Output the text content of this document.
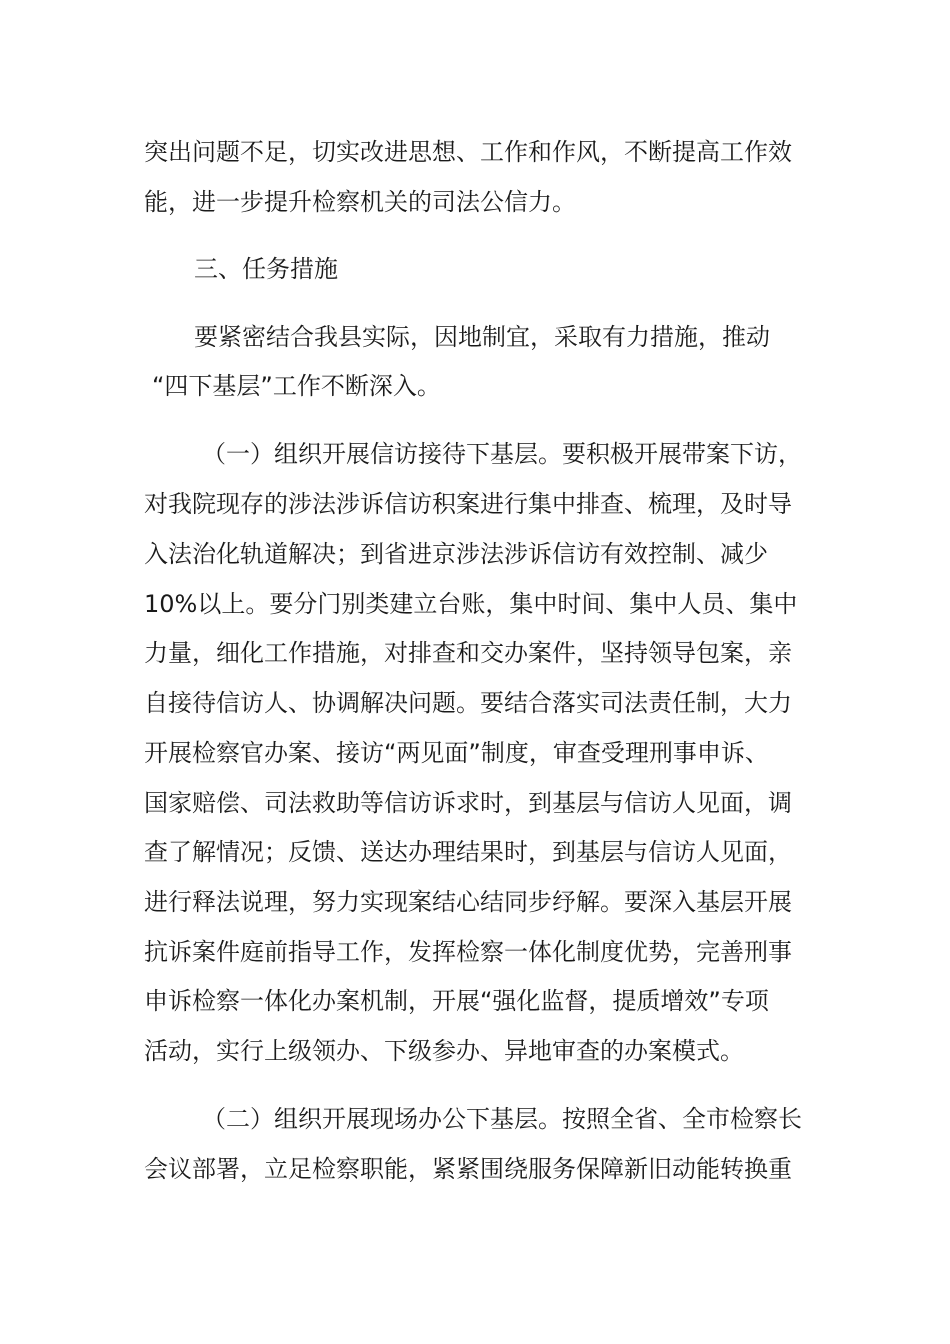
突出问题不足，切实改进思想、工作和作风，不断提高工作效
能，进一步提升检察机关的司法公信力。
三、任务措施
要紧密结合我县实际，因地制宜，采取有力措施，推动
“四下基层”工作不断深入。
（一）组织开展信访接待下基层。要积极开展带案下访，
对我院现存的涉法涉诉信访积案进行集中排查、梳理，及时导
入法治化轨道解决；到省进京涉法涉诉信访有效控制、减少
10%以上。要分门别类建立台账，集中时间、集中人员、集中
力量，细化工作措施，对排查和交办案件，坚持领导包案，亲
自接待信访人、协调解决问题。要结合落实司法责任制，大力
开展检察官办案、接访“两见面”制度，审查受理刑事申诉、
国家赔偿、司法救助等信访诉求时，到基层与信访人见面，调
查了解情况；反馈、送达办理结果时，到基层与信访人见面，
进行释法说理，努力实现案结心结同步纾解。要深入基层开展
抗诉案件庭前指导工作，发挥检察一体化制度优势，完善刑事
申诉检察一体化办案机制，开展“强化监督，提质增效”专项
活动，实行上级领办、下级参办、异地审查的办案模式。
（二）组织开展现场办公下基层。按照全省、全市检察长
会议部署，立足检察职能，紧紧围绕服务保障新旧动能转换重
